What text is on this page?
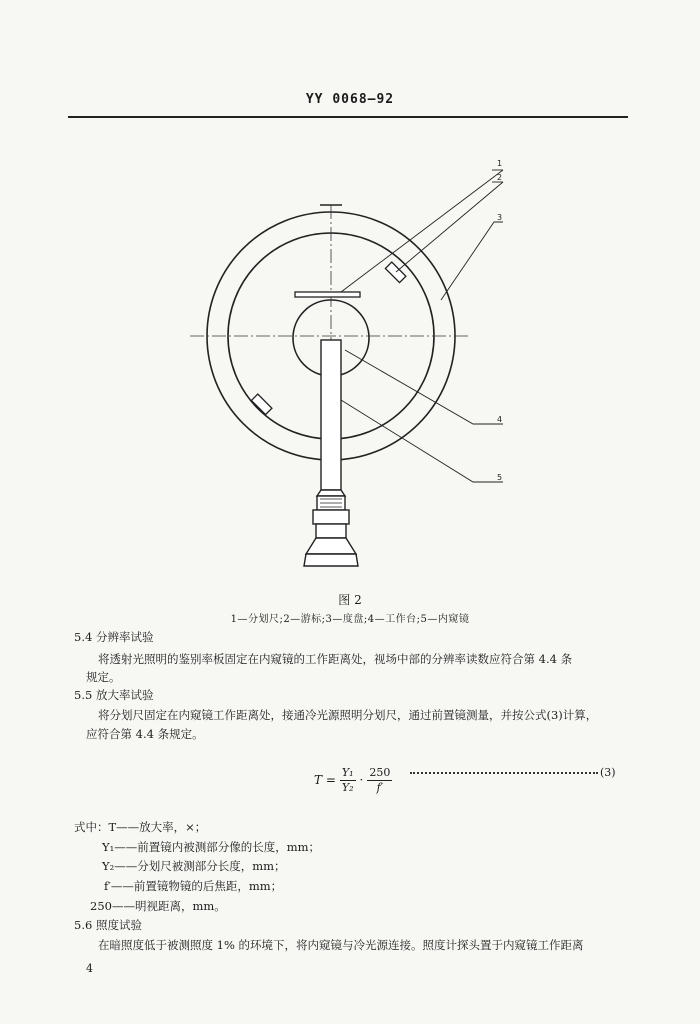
YY 0068—92
1
2
3
4
5
图 2
1—分划尺;2—游标;3—度盘;4—工作台;5—内窥镜
5.4 分辨率试验
将透射光照明的鉴别率板固定在内窥镜的工作距离处，视场中部的分辨率读数应符合第 4.4 条
规定。
5.5 放大率试验
将分划尺固定在内窥镜工作距离处，接通冷光源照明分划尺，通过前置镜测量，并按公式(3)计算，
应符合第 4.4 条规定。
$T = \frac{\text{Y₁}}{\text{Y₂}} \cdot \frac{250}{f'}$	(3)
式中：T——放大率，×；
Y₁——前置镜内被测部分像的长度，mm；
Y₂——分划尺被测部分长度，mm；
f′——前置镜物镜的后焦距，mm；
250——明视距离，mm。
5.6 照度试验
在暗照度低于被测照度 1% 的环境下，将内窥镜与冷光源连接。照度计探头置于内窥镜工作距离
4
